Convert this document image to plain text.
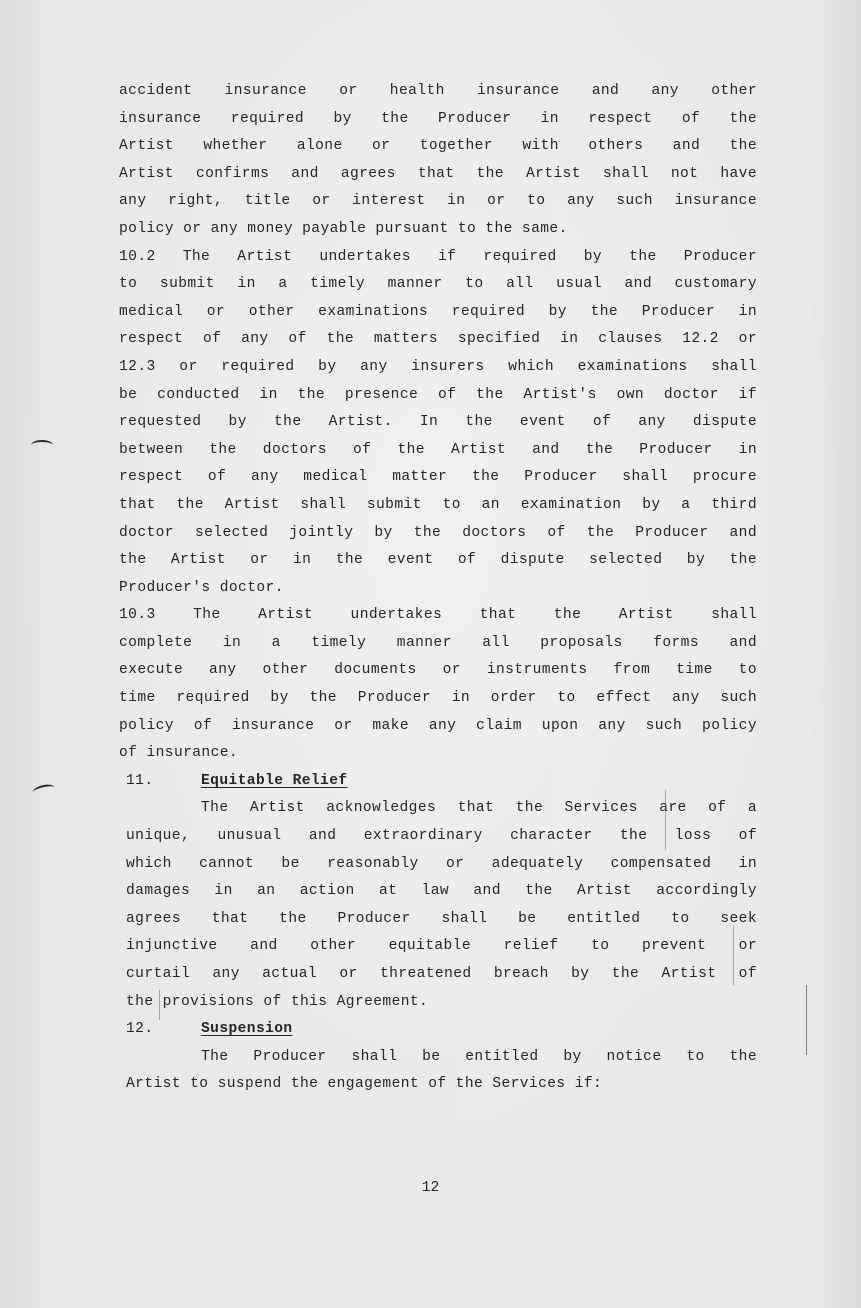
accident insurance or health insurance and any other
insurance required by the Producer in respect of the
Artist whether alone or together with others and the
Artist confirms and agrees that the Artist shall not have
any right, title or interest in or to any such insurance
policy or any money payable pursuant to the same.
10.2 The Artist undertakes if required by the Producer
to submit in a timely manner to all usual and customary
medical or other examinations required by the Producer in
respect of any of the matters specified in clauses 12.2 or
12.3 or required by any insurers which examinations shall
be conducted in the presence of the Artist's own doctor if
requested by the Artist. In the event of any dispute
between the doctors of the Artist and the Producer in
respect of any medical matter the Producer shall procure
that the Artist shall submit to an examination by a third
doctor selected jointly by the doctors of the Producer and
the Artist or in the event of dispute selected by the
Producer's doctor.
10.3 The Artist undertakes that the Artist shall
complete in a timely manner all proposals forms and
execute any other documents or instruments from time to
time required by the Producer in order to effect any such
policy of insurance or make any claim upon any such policy
of insurance.
11.	Equitable Relief
The Artist acknowledges that the Services are of a
unique, unusual and extraordinary character the loss of
which cannot be reasonably or adequately compensated in
damages in an action at law and the Artist accordingly
agrees that the Producer shall be entitled to seek
injunctive and other equitable relief to prevent or
curtail any actual or threatened breach by the Artist of
the provisions of this Agreement.
12.	Suspension
The Producer shall be entitled by notice to the
Artist to suspend the engagement of the Services if:
12
